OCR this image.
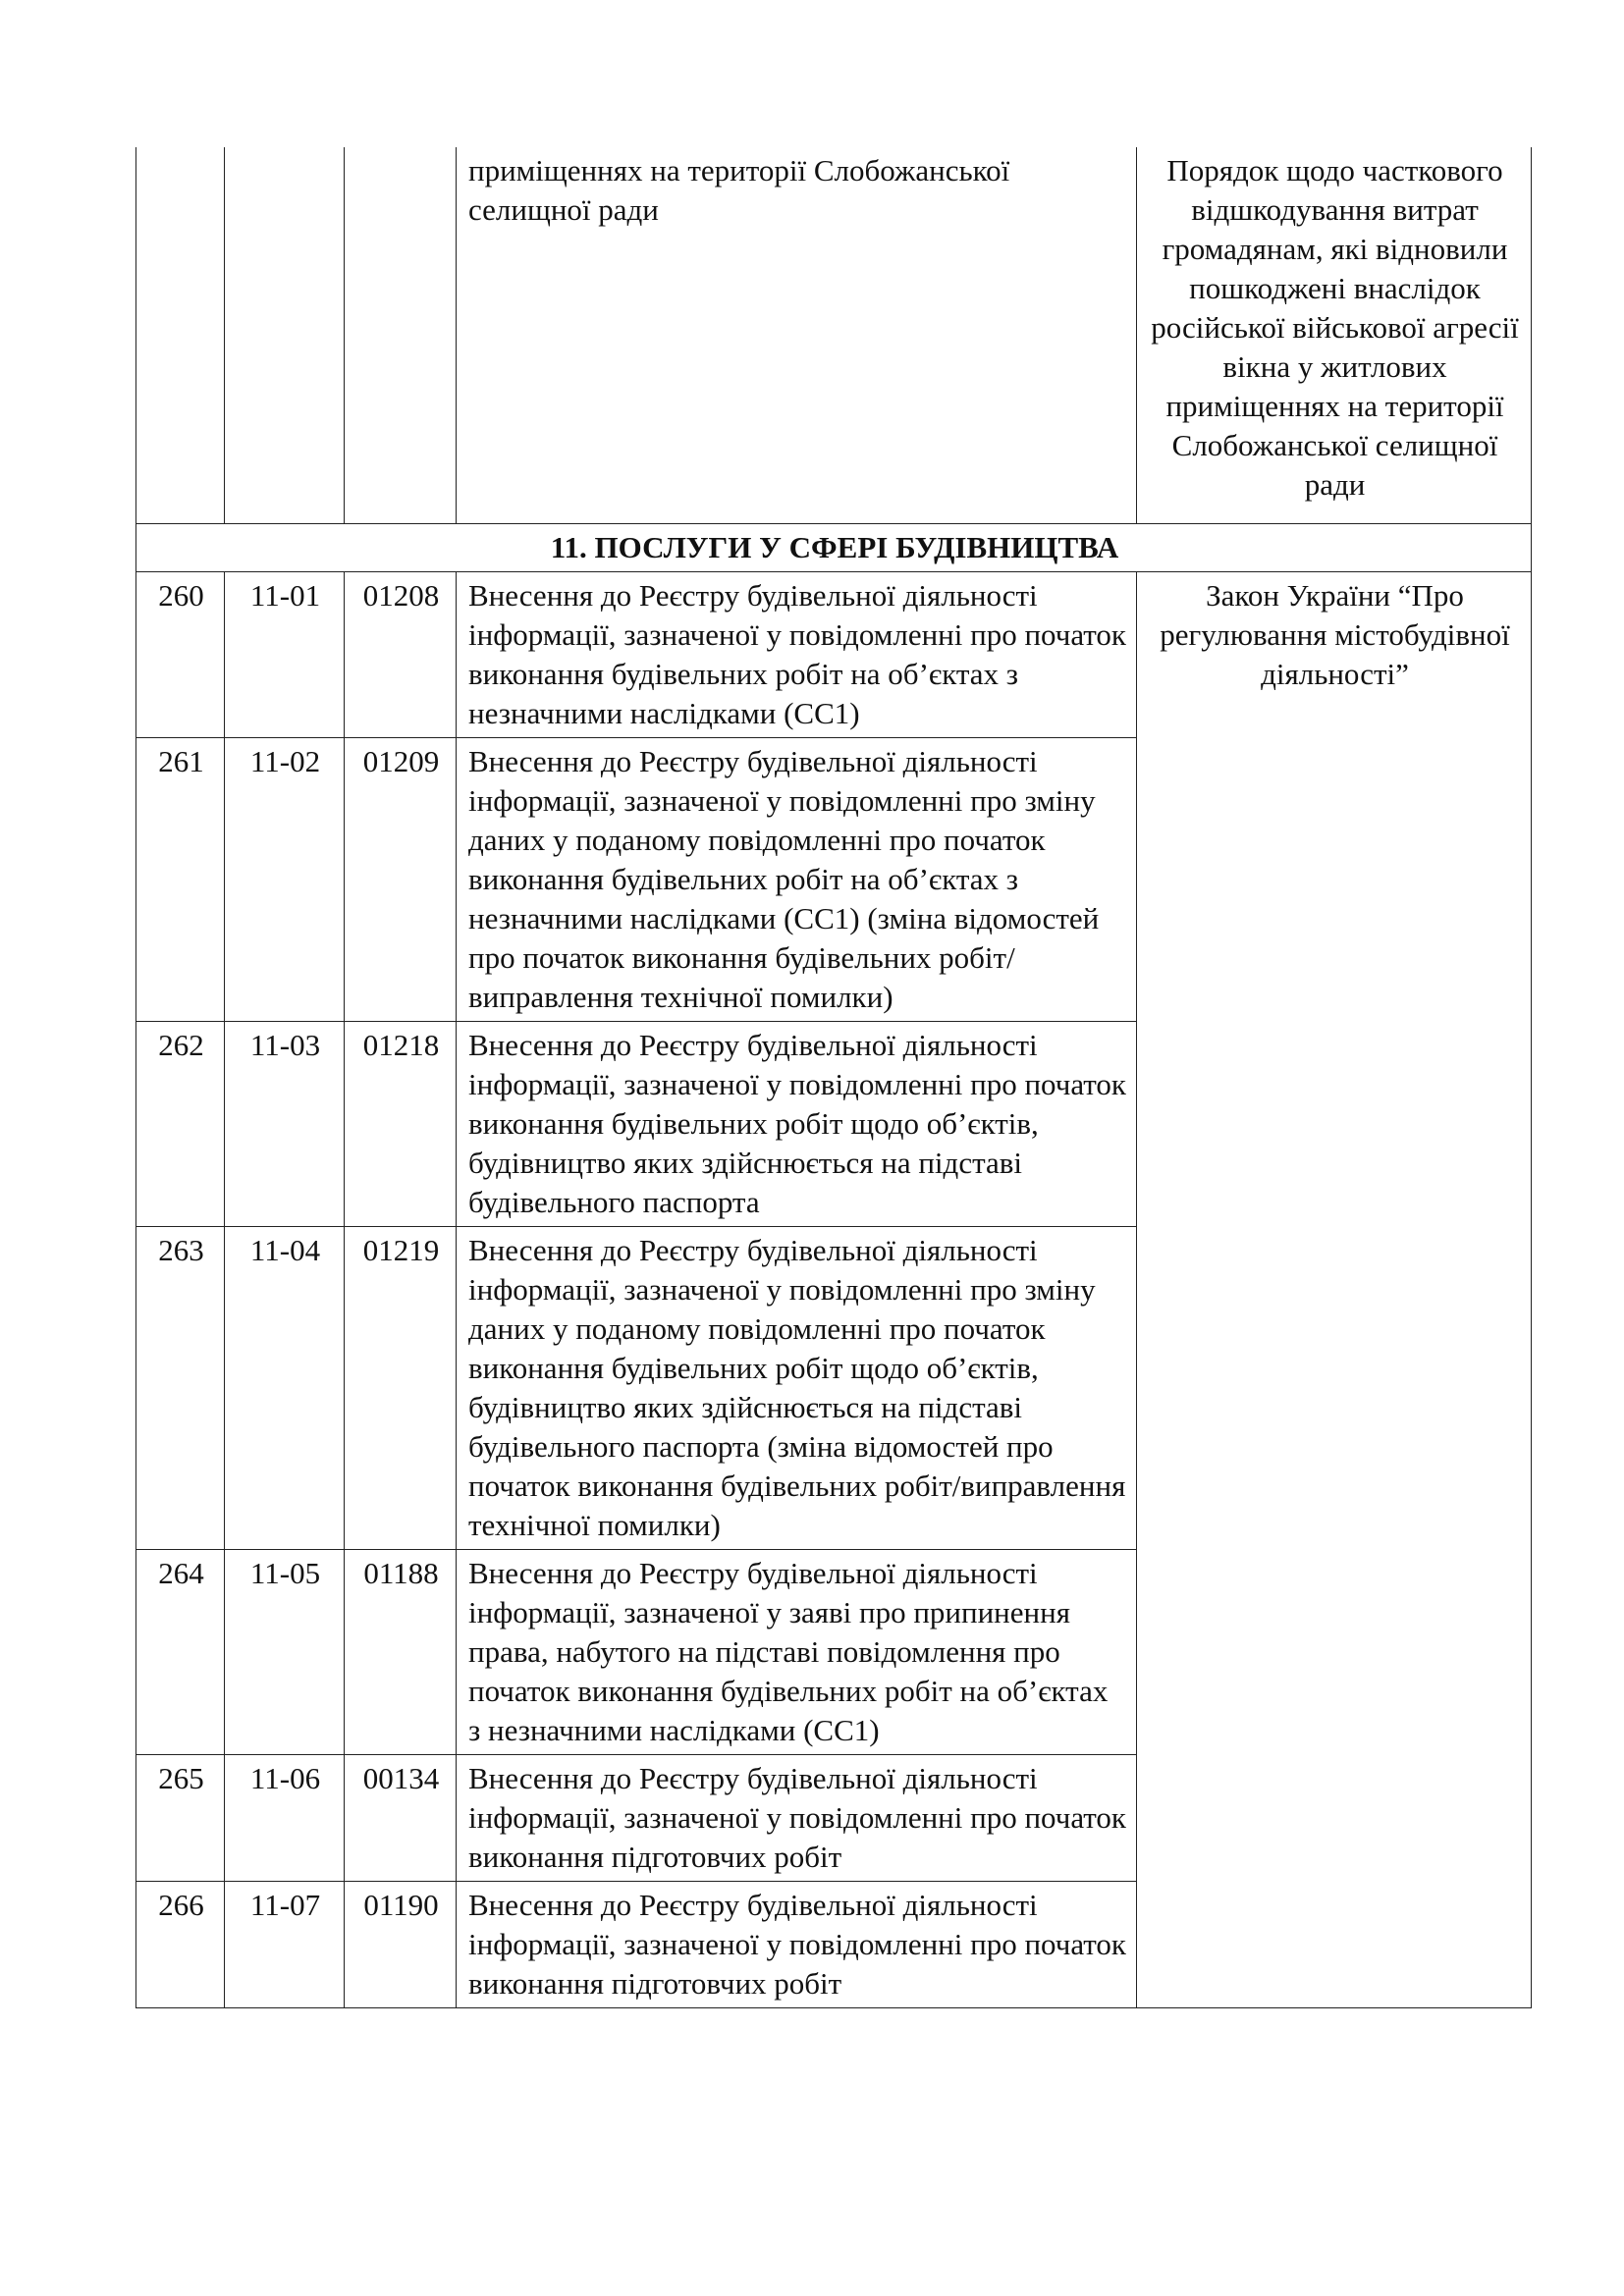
			приміщеннях на території Слобожанської селищної ради	Порядок щодо часткового відшкодування витрат громадянам, які відновили пошкоджені внаслідок російської військової агресії вікна у житлових приміщеннях на території Слобожанської селищної ради
11. ПОСЛУГИ У СФЕРІ БУДІВНИЦТВА				
260	11-01	01208	Внесення до Реєстру будівельної діяльності інформації, зазначеної у повідомленні про початок виконання будівельних робіт на об’єктах з незначними наслідками (СС1)	Закон України “Про регулювання містобудівної діяльності”
261	11-02	01209	Внесення до Реєстру будівельної діяльності інформації, зазначеної у повідомленні про зміну даних у поданому повідомленні про початок виконання будівельних робіт на об’єктах з незначними наслідками (СС1) (зміна відомостей про початок виконання будівельних робіт/виправлення технічної помилки)	
262	11-03	01218	Внесення до Реєстру будівельної діяльності інформації, зазначеної у повідомленні про початок виконання будівельних робіт щодо об’єктів, будівництво яких здійснюється на підставі будівельного паспорта	
263	11-04	01219	Внесення до Реєстру будівельної діяльності інформації, зазначеної у повідомленні про зміну даних у поданому повідомленні про початок виконання будівельних робіт щодо об’єктів, будівництво яких здійснюється на підставі будівельного паспорта (зміна відомостей про початок виконання будівельних робіт/виправлення технічної помилки)	
264	11-05	01188	Внесення до Реєстру будівельної діяльності інформації, зазначеної у заяві про припинення права, набутого на підставі повідомлення про початок виконання будівельних робіт на об’єктах з незначними наслідками (СС1)	
265	11-06	00134	Внесення до Реєстру будівельної діяльності інформації, зазначеної у повідомленні про початок виконання підготовчих робіт	
266	11-07	01190	Внесення до Реєстру будівельної діяльності інформації, зазначеної у повідомленні про початок виконання підготовчих робіт	
